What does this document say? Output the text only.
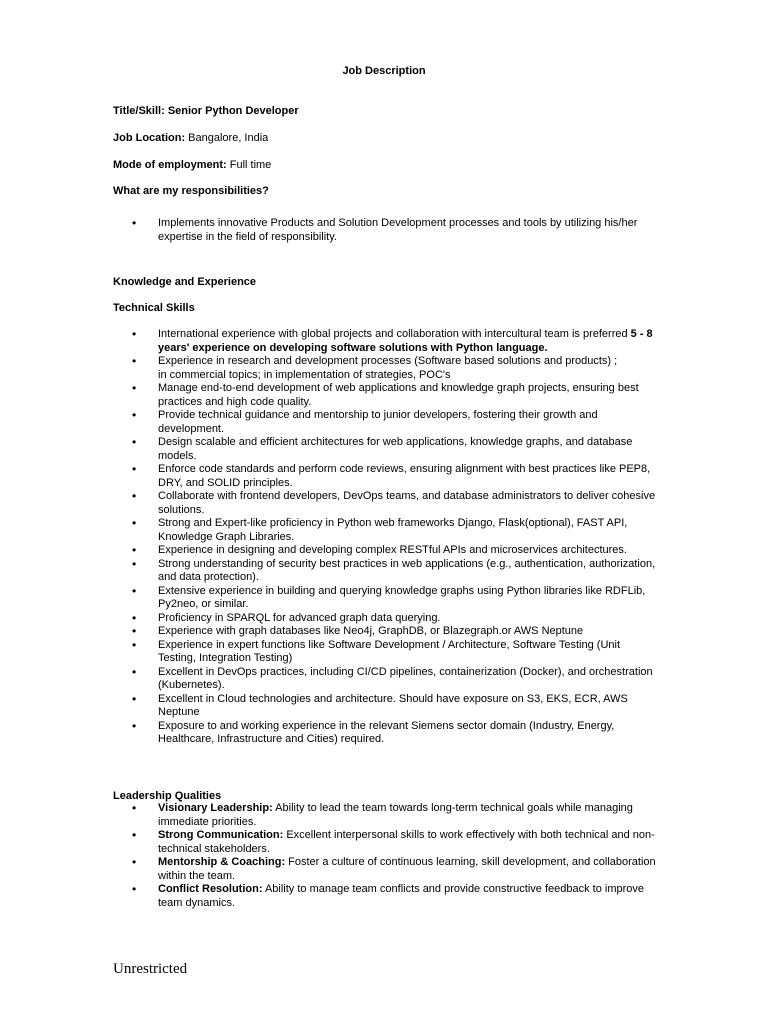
Job Description
Title/Skill: Senior Python Developer
Job Location: Bangalore, India
Mode of employment: Full time
What are my responsibilities?
• Implements innovative Products and Solution Development processes and tools by utilizing his/her expertise in the field of responsibility.
Knowledge and Experience
Technical Skills
• International experience with global projects and collaboration with intercultural team is preferred 5 - 8 years' experience on developing software solutions with Python language.
• Experience in research and development processes (Software based solutions and products) ;
in commercial topics; in implementation of strategies, POC's
• Manage end-to-end development of web applications and knowledge graph projects, ensuring best practices and high code quality.
• Provide technical guidance and mentorship to junior developers, fostering their growth and development.
• Design scalable and efficient architectures for web applications, knowledge graphs, and database models.
• Enforce code standards and perform code reviews, ensuring alignment with best practices like PEP8, DRY, and SOLID principles.
• Collaborate with frontend developers, DevOps teams, and database administrators to deliver cohesive solutions.
• Strong and Expert-like proficiency in Python web frameworks Django, Flask(optional), FAST API, Knowledge Graph Libraries.
• Experience in designing and developing complex RESTful APIs and microservices architectures.
• Strong understanding of security best practices in web applications (e.g., authentication, authorization, and data protection).
• Extensive experience in building and querying knowledge graphs using Python libraries like RDFLib, Py2neo, or similar.
• Proficiency in SPARQL for advanced graph data querying.
• Experience with graph databases like Neo4j, GraphDB, or Blazegraph.or AWS Neptune
• Experience in expert functions like Software Development / Architecture, Software Testing (Unit Testing, Integration Testing)
• Excellent in DevOps practices, including CI/CD pipelines, containerization (Docker), and orchestration (Kubernetes).
• Excellent in Cloud technologies and architecture. Should have exposure on S3, EKS, ECR, AWS Neptune
• Exposure to and working experience in the relevant Siemens sector domain (Industry, Energy, Healthcare, Infrastructure and Cities) required.
Leadership Qualities
• Visionary Leadership: Ability to lead the team towards long-term technical goals while managing immediate priorities.
• Strong Communication: Excellent interpersonal skills to work effectively with both technical and non-technical stakeholders.
• Mentorship & Coaching: Foster a culture of continuous learning, skill development, and collaboration within the team.
• Conflict Resolution: Ability to manage team conflicts and provide constructive feedback to improve team dynamics.
Unrestricted
